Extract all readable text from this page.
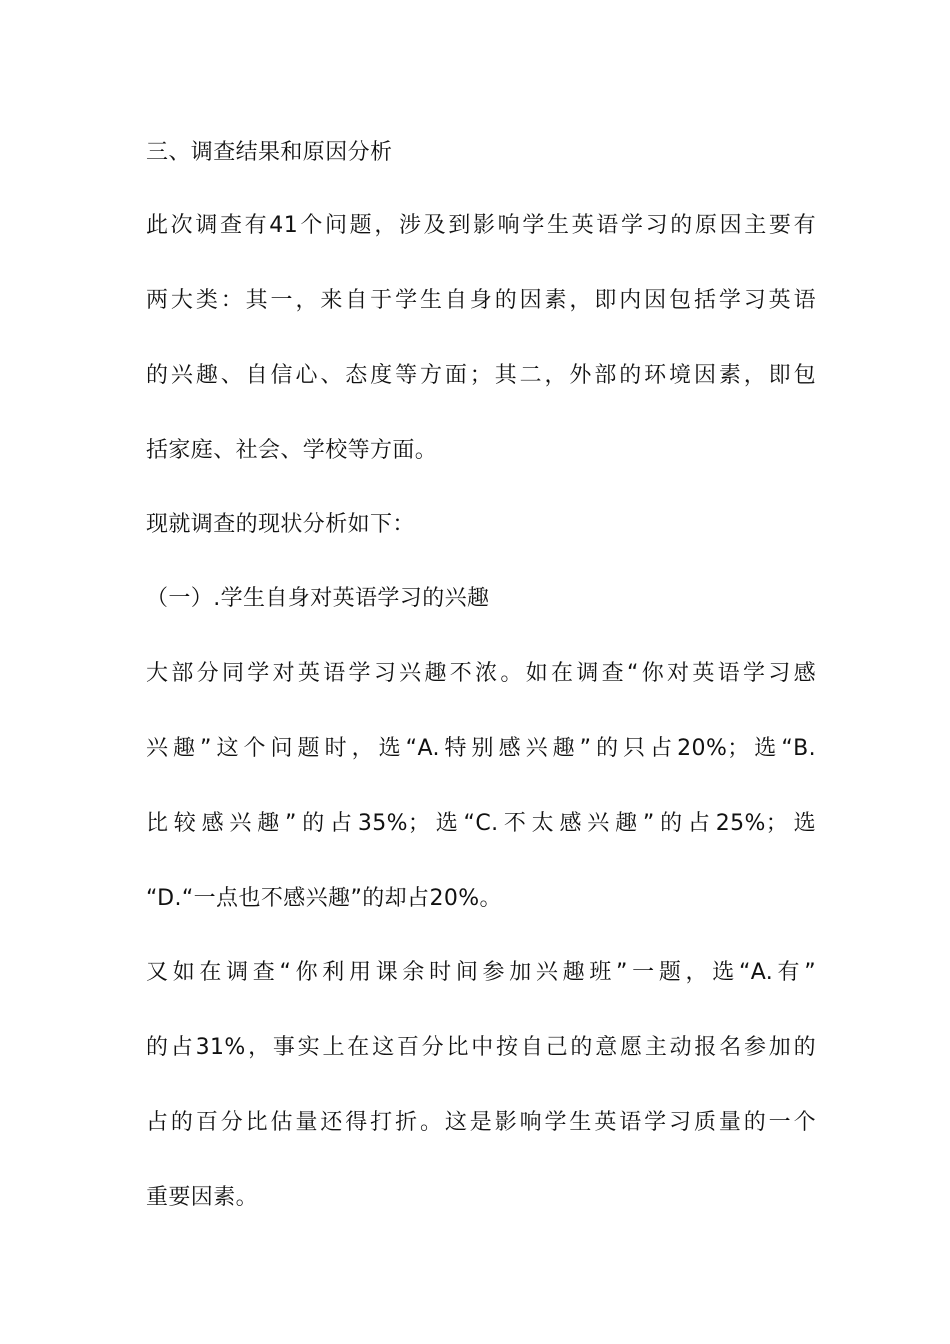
三、调查结果和原因分析
此次调查有41个问题，涉及到影响学生英语学习的原因主要有
两大类：其一，来自于学生自身的因素，即内因包括学习英语
的兴趣、自信心、态度等方面；其二，外部的环境因素，即包
括家庭、社会、学校等方面。
现就调查的现状分析如下：
（一）.学生自身对英语学习的兴趣
大部分同学对英语学习兴趣不浓。如在调查“你对英语学习感
兴趣”这个问题时，选“A.特别感兴趣”的只占20%；选“B.
比较感兴趣”的占35%；选“C.不太感兴趣”的占25%；选
“D.“一点也不感兴趣”的却占20%。
又如在调查“你利用课余时间参加兴趣班”一题，选“A.有”
的占31%，事实上在这百分比中按自己的意愿主动报名参加的
占的百分比估量还得打折。这是影响学生英语学习质量的一个
重要因素。
